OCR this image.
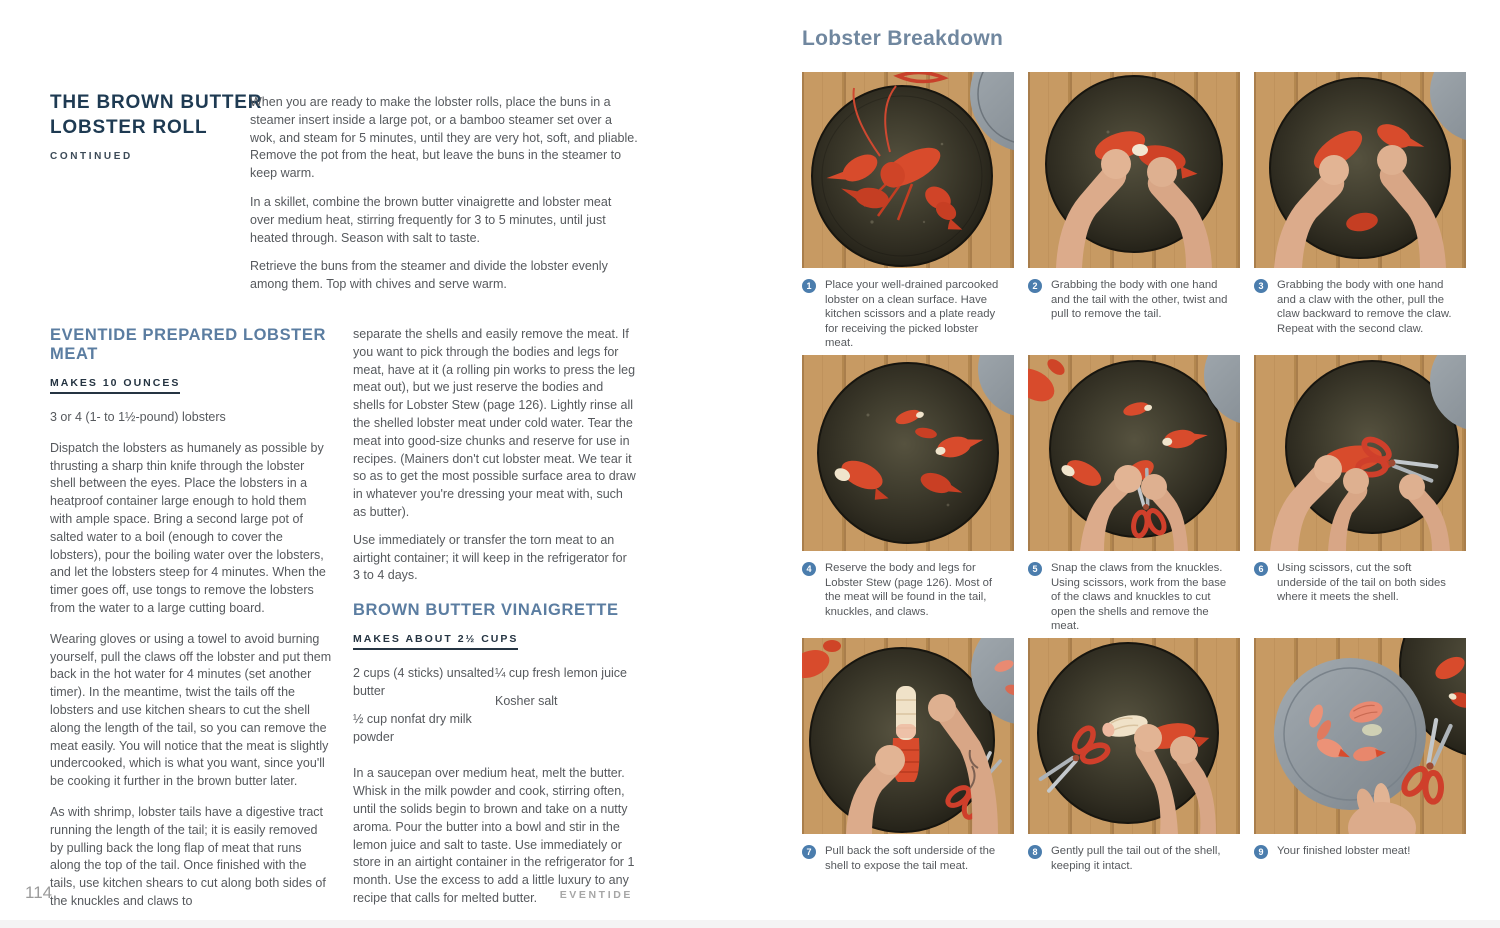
THE BROWN BUTTER LOBSTER ROLL
CONTINUED

When you are ready to make the lobster rolls, place the buns in a steamer insert inside a large pot, or a bamboo steamer set over a wok, and steam for 5 minutes, until they are very hot, soft, and pliable. Remove the pot from the heat, but leave the buns in the steamer to keep warm.

In a skillet, combine the brown butter vinaigrette and lobster meat over medium heat, stirring frequently for 3 to 5 minutes, until just heated through. Season with salt to taste.

Retrieve the buns from the steamer and divide the lobster evenly among them. Top with chives and serve warm.

EVENTIDE PREPARED LOBSTER MEAT
MAKES 10 OUNCES
3 or 4 (1- to 1½-pound) lobsters

Dispatch the lobsters as humanely as possible by thrusting a sharp thin knife through the lobster shell between the eyes. Place the lobsters in a heatproof container large enough to hold them with ample space. Bring a second large pot of salted water to a boil (enough to cover the lobsters), pour the boiling water over the lobsters, and let the lobsters steep for 4 minutes. When the timer goes off, use tongs to remove the lobsters from the water to a large cutting board.

Wearing gloves or using a towel to avoid burning yourself, pull the claws off the lobster and put them back in the hot water for 4 minutes (set another timer). In the meantime, twist the tails off the lobsters and use kitchen shears to cut the shell along the length of the tail, so you can remove the meat easily. You will notice that the meat is slightly undercooked, which is what you want, since you'll be cooking it further in the brown butter later.

As with shrimp, lobster tails have a digestive tract running the length of the tail; it is easily removed by pulling back the long flap of meat that runs along the top of the tail. Once finished with the tails, use kitchen shears to cut along both sides of the knuckles and claws to

separate the shells and easily remove the meat. If you want to pick through the bodies and legs for meat, have at it (a rolling pin works to press the leg meat out), but we just reserve the bodies and shells for Lobster Stew (page 126). Lightly rinse all the shelled lobster meat under cold water. Tear the meat into good-size chunks and reserve for use in recipes. (Mainers don't cut lobster meat. We tear it so as to get the most possible surface area to draw in whatever you're dressing your meat with, such as butter).

Use immediately or transfer the torn meat to an airtight container; it will keep in the refrigerator for 3 to 4 days.

BROWN BUTTER VINAIGRETTE
MAKES ABOUT 2½ CUPS
2 cups (4 sticks) unsalted butter
½ cup nonfat dry milk powder
¼ cup fresh lemon juice
Kosher salt

In a saucepan over medium heat, melt the butter. Whisk in the milk powder and cook, stirring often, until the solids begin to brown and take on a nutty aroma. Pour the butter into a bowl and stir in the lemon juice and salt to taste. Use immediately or store in an airtight container in the refrigerator for 1 month. Use the excess to add a little luxury to any recipe that calls for melted butter.

114	EVENTIDE
Lobster Breakdown
1	Place your well-drained parcooked lobster on a clean surface. Have kitchen scissors and a plate ready for receiving the picked lobster meat.

2	Grabbing the body with one hand and the tail with the other, twist and pull to remove the tail.

3	Grabbing the body with one hand and a claw with the other, pull the claw backward to remove the claw. Repeat with the second claw.

4	Reserve the body and legs for Lobster Stew (page 126). Most of the meat will be found in the tail, knuckles, and claws.

5	Snap the claws from the knuckles. Using scissors, work from the base of the claws and knuckles to cut open the shells and remove the meat.

6	Using scissors, cut the soft underside of the tail on both sides where it meets the shell.

7	Pull back the soft underside of the shell to expose the tail meat.

8	Gently pull the tail out of the shell, keeping it intact.

9	Your finished lobster meat!
